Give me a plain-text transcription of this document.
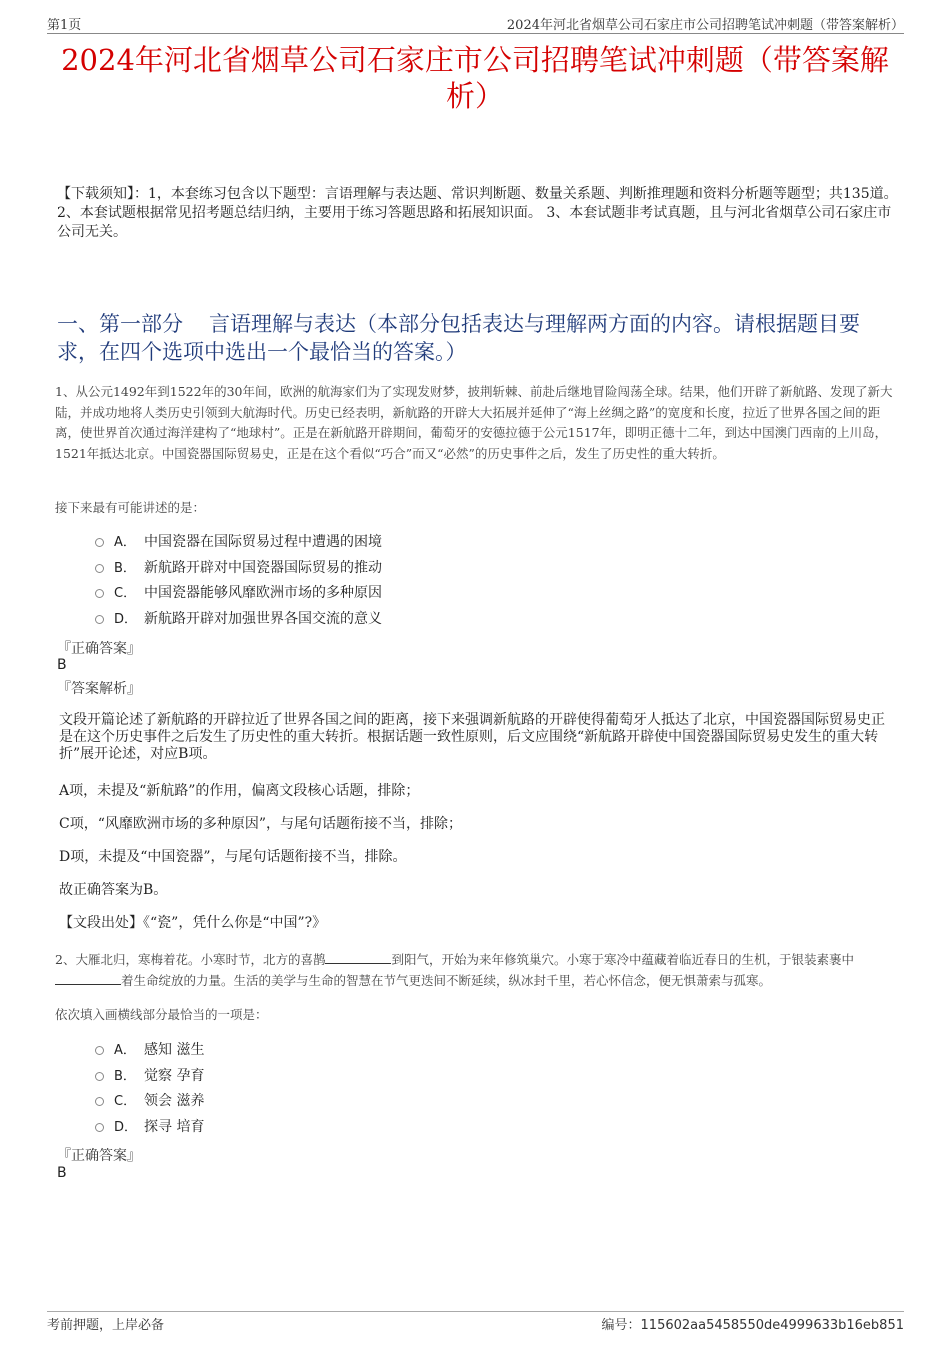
第1页	2024年河北省烟草公司石家庄市公司招聘笔试冲刺题（带答案解析）
2024年河北省烟草公司石家庄市公司招聘笔试冲刺题（带答案解析）
【下载须知】：1，本套练习包含以下题型：言语理解与表达题、常识判断题、数量关系题、判断推理题和资料分析题等题型；共135道。 2、本套试题根据常见招考题总结归纳，主要用于练习答题思路和拓展知识面。 3、本套试题非考试真题，且与河北省烟草公司石家庄市公司无关。
一、第一部分 言语理解与表达（本部分包括表达与理解两方面的内容。请根据题目要求，在四个选项中选出一个最恰当的答案。）
1、从公元1492年到1522年的30年间，欧洲的航海家们为了实现发财梦，披荆斩棘、前赴后继地冒险闯荡全球。结果，他们开辟了新航路、发现了新大陆，并成功地将人类历史引领到大航海时代。历史已经表明，新航路的开辟大大拓展并延伸了“海上丝绸之路”的宽度和长度，拉近了世界各国之间的距离，使世界首次通过海洋建构了“地球村”。正是在新航路开辟期间，葡萄牙的安德拉德于公元1517年，即明正德十二年，到达中国澳门西南的上川岛，1521年抵达北京。中国瓷器国际贸易史，正是在这个看似“巧合”而又“必然”的历史事件之后，发生了历史性的重大转折。
接下来最有可能讲述的是：
A． 中国瓷器在国际贸易过程中遭遇的困境
B． 新航路开辟对中国瓷器国际贸易的推动
C． 中国瓷器能够风靡欧洲市场的多种原因
D． 新航路开辟对加强世界各国交流的意义
『正确答案』
B
『答案解析』
文段开篇论述了新航路的开辟拉近了世界各国之间的距离，接下来强调新航路的开辟使得葡萄牙人抵达了北京，中国瓷器国际贸易史正是在这个历史事件之后发生了历史性的重大转折。根据话题一致性原则，后文应围绕“新航路开辟使中国瓷器国际贸易史发生的重大转折”展开论述，对应B项。
A项，未提及“新航路”的作用，偏离文段核心话题，排除；
C项，“风靡欧洲市场的多种原因”，与尾句话题衔接不当，排除；
D项，未提及“中国瓷器”，与尾句话题衔接不当，排除。
故正确答案为B。
【文段出处】《“瓷”，凭什么你是“中国”?》
2、大雁北归，寒梅着花。小寒时节，北方的喜鹊	到阳气，开始为来年修筑巢穴。小寒于寒冷中蕴藏着临近春日的生机，于银装素裹中着生命绽放的力量。生活的美学与生命的智慧在节气更迭间不断延续，纵冰封千里，若心怀信念，便无惧萧索与孤寒。
依次填入画横线部分最恰当的一项是：
A． 感知 滋生
B． 觉察 孕育
C． 领会 滋养
D． 探寻 培育
『正确答案』
B
考前押题，上岸必备	编号：115602aa5458550de4999633b16eb851
